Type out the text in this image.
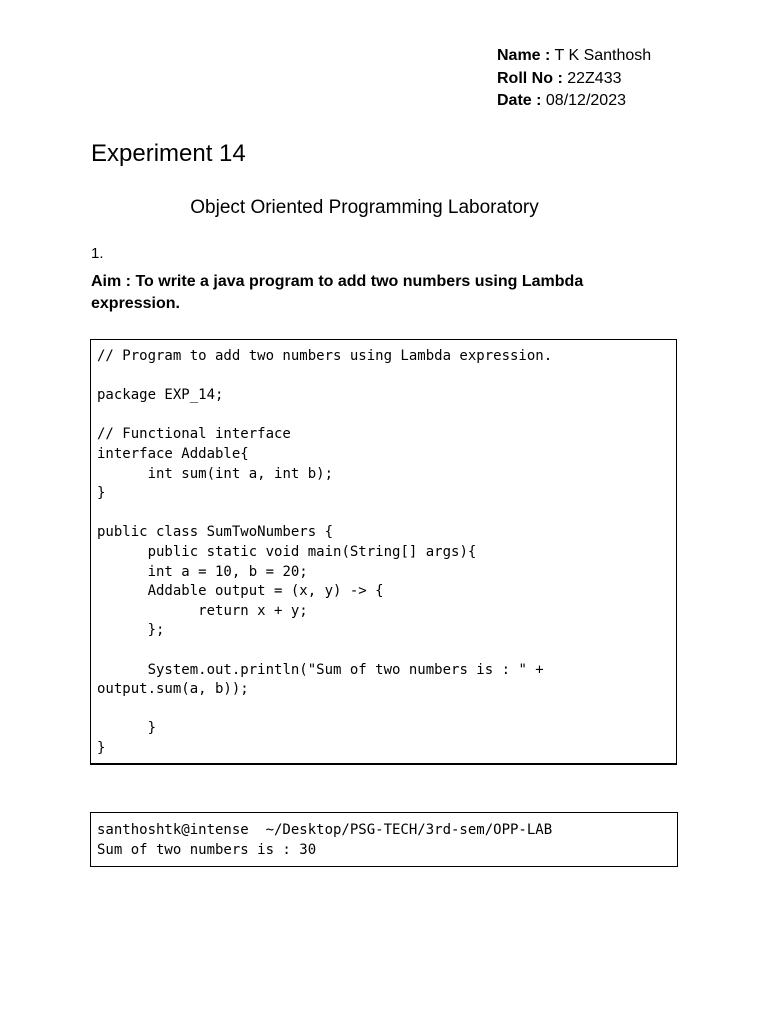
Name : T K Santhosh
Roll No : 22Z433
Date : 08/12/2023
Experiment 14
Object Oriented Programming Laboratory
1.
Aim : To write a java program to add two numbers using Lambda expression.
// Program to add two numbers using Lambda expression.

package EXP_14;

// Functional interface
interface Addable{
	int sum(int a, int b);
}

public class SumTwoNumbers {
	public static void main(String[] args){
	int a = 10, b = 20;
	Addable output = (x, y) -> {
		return x + y;
	};

	System.out.println("Sum of two numbers is : " +
output.sum(a, b));

	}
}
santhoshtk@intense  ~/Desktop/PSG-TECH/3rd-sem/OPP-LAB
Sum of two numbers is : 30
